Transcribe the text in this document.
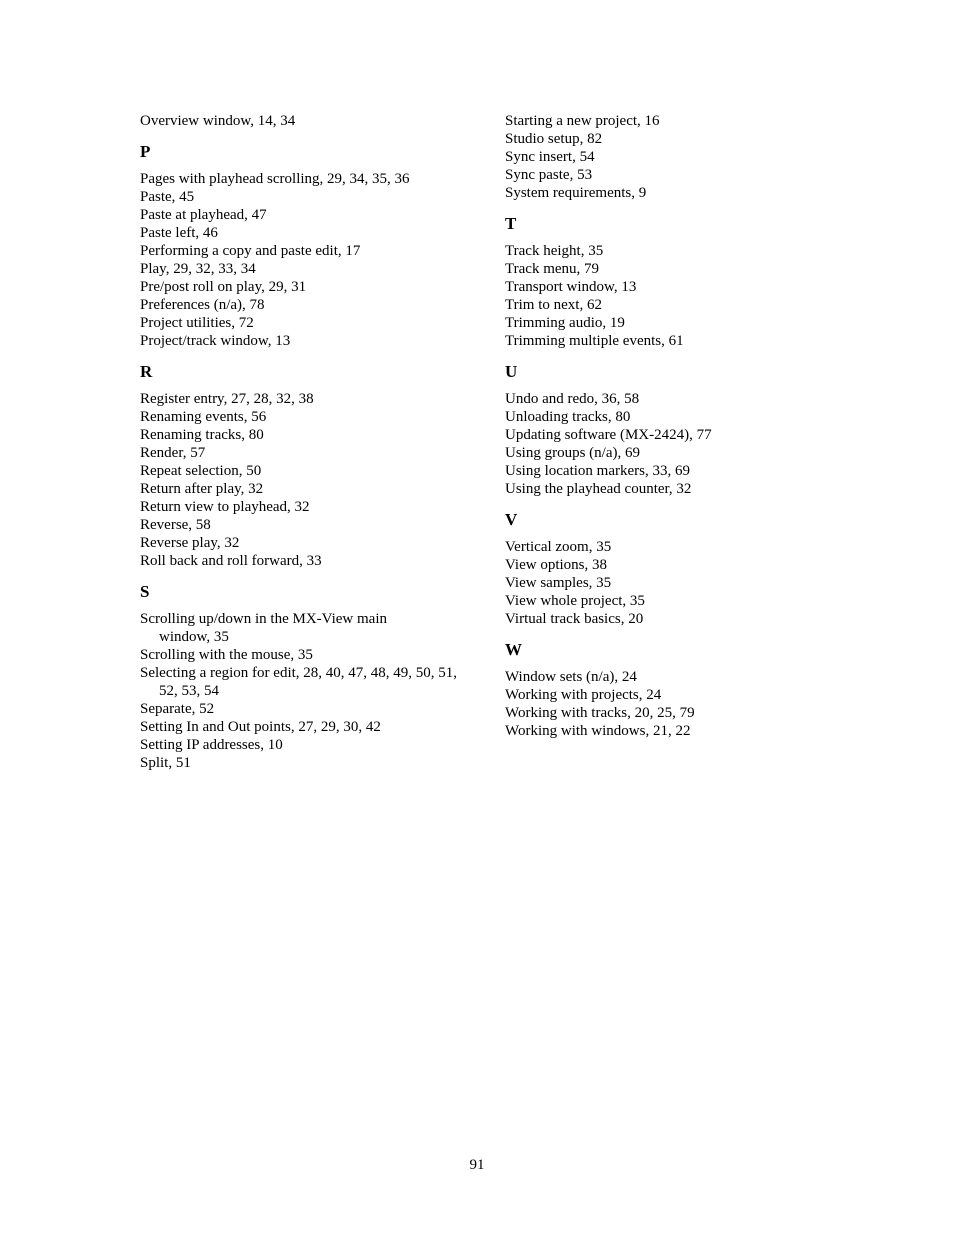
Overview window, 14, 34
P
Pages with playhead scrolling, 29, 34, 35, 36
Paste, 45
Paste at playhead, 47
Paste left, 46
Performing a copy and paste edit, 17
Play, 29, 32, 33, 34
Pre/post roll on play, 29, 31
Preferences (n/a), 78
Project utilities, 72
Project/track window, 13
R
Register entry, 27, 28, 32, 38
Renaming events, 56
Renaming tracks, 80
Render, 57
Repeat selection, 50
Return after play, 32
Return view to playhead, 32
Reverse, 58
Reverse play, 32
Roll back and roll forward, 33
S
Scrolling up/down in the MX-View main window, 35
Scrolling with the mouse, 35
Selecting a region for edit, 28, 40, 47, 48, 49, 50, 51, 52, 53, 54
Separate, 52
Setting In and Out points, 27, 29, 30, 42
Setting IP addresses, 10
Split, 51
Starting a new project, 16
Studio setup, 82
Sync insert, 54
Sync paste, 53
System requirements, 9
T
Track height, 35
Track menu, 79
Transport window, 13
Trim to next, 62
Trimming audio, 19
Trimming multiple events, 61
U
Undo and redo, 36, 58
Unloading tracks, 80
Updating software (MX-2424), 77
Using groups (n/a), 69
Using location markers, 33, 69
Using the playhead counter, 32
V
Vertical zoom, 35
View options, 38
View samples, 35
View whole project, 35
Virtual track basics, 20
W
Window sets (n/a), 24
Working with projects, 24
Working with tracks, 20, 25, 79
Working with windows, 21, 22
91
